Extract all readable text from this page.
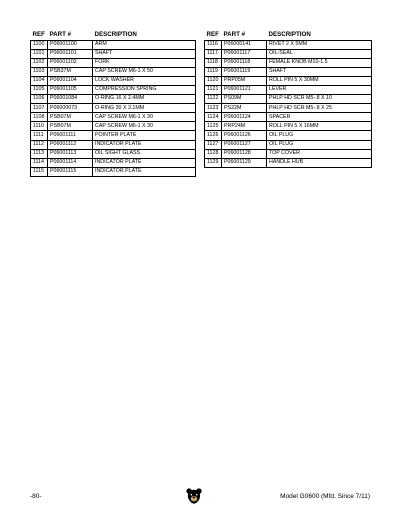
REF	PART #	DESCRIPTION
1100	P06001100	ARM
1101	P06001101	SHAFT
1102	P06001102	FORK
1103	PSB37M	CAP SCREW M6-1 X 50
1104	P06001104	LOCK WASHER
1105	P06001105	COMPRESSION SPRING
1106	P06001084	O-RING 16 X 2.4MM
1107	P06000073	O-RING 30 X 3.1MM
1108	PSB07M	CAP SCREW M6-1 X 30
1110	PSB07M	CAP SCREW M6-1 X 30
1111	P06001111	POINTER PLATE
1112	P06001112	INDICATOR PLATE
1113	P06001113	OIL SIGHT GLASS
1114	P06001114	INDICATOR PLATE
1115	P06001115	INDICATOR PLATE
REF	PART #	DESCRIPTION
1116	P06000141	RIVET 2 X 5MM
1117	P06001117	OIL-SEAL
1118	P06001118	FEMALE KNOB M10-1.5
1119	P06001119	SHAFT
1120	PRP05M	ROLL PIN 5 X 30MM
1121	P06001121	LEVER
1122	PS09M	PHLP HD SCR M5-.8 X 10
1123	PS22M	PHLP HD SCR M5-.8 X 25
1124	P06001124	SPACER
1125	PRP24M	ROLL PIN 5 X 16MM
1126	P06001126	OIL PLUG
1127	P06001127	OIL PLUG
1128	P06001128	TOP COVER
1129	P06001129	HANDLE HUB
-80-	Model G0600 (Mfd. Since 7/11)
